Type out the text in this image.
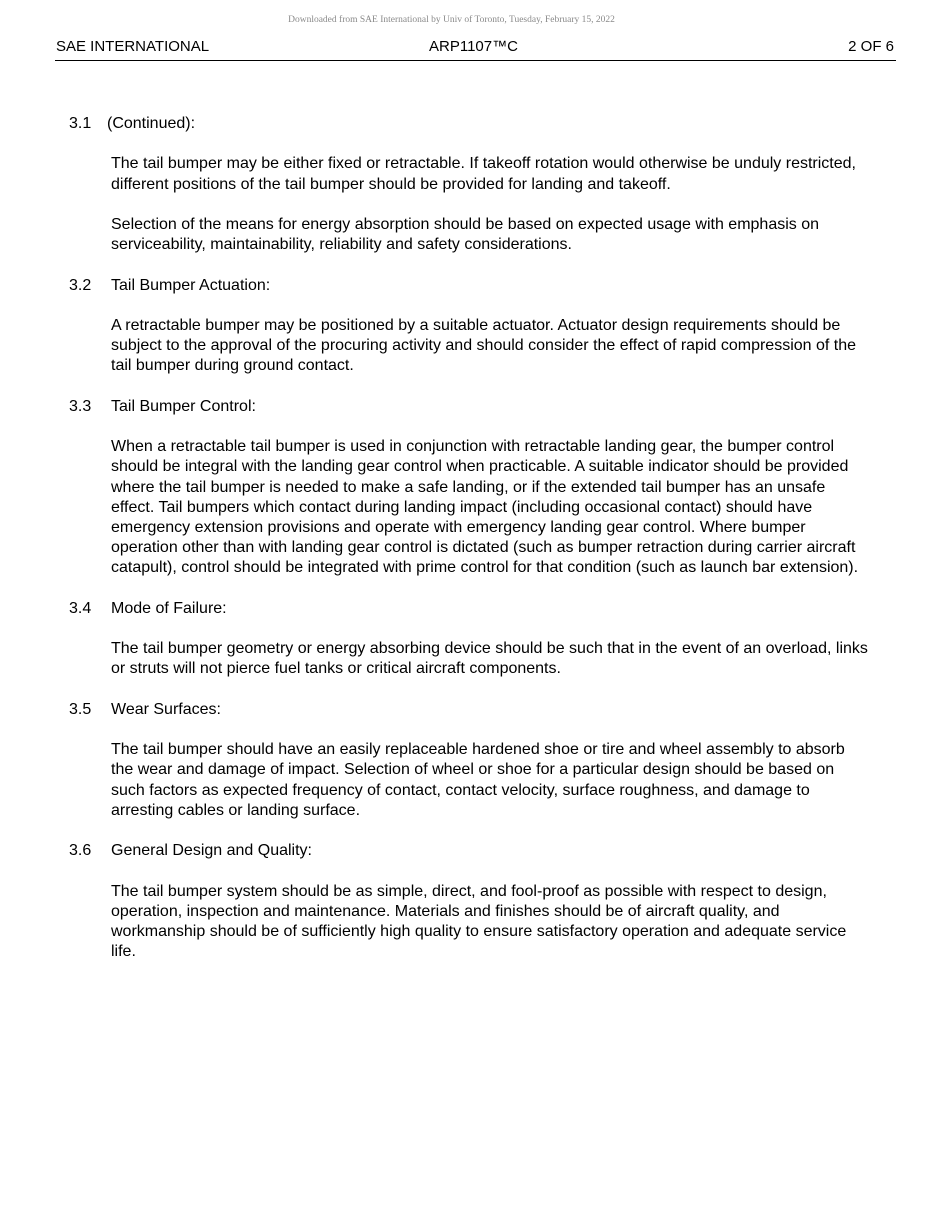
Downloaded from SAE International by Univ of Toronto, Tuesday, February 15, 2022
SAE INTERNATIONAL	ARP1107™C	2 OF 6
3.1 (Continued):

The tail bumper may be either fixed or retractable. If takeoff rotation would otherwise be unduly restricted, different positions of the tail bumper should be provided for landing and takeoff.

Selection of the means for energy absorption should be based on expected usage with emphasis on serviceability, maintainability, reliability and safety considerations.

3.2	Tail Bumper Actuation:

A retractable bumper may be positioned by a suitable actuator. Actuator design requirements should be subject to the approval of the procuring activity and should consider the effect of rapid compression of the tail bumper during ground contact.

3.3	Tail Bumper Control:

When a retractable tail bumper is used in conjunction with retractable landing gear, the bumper control should be integral with the landing gear control when practicable. A suitable indicator should be provided where the tail bumper is needed to make a safe landing, or if the extended tail bumper has an unsafe effect. Tail bumpers which contact during landing impact (including occasional contact) should have emergency extension provisions and operate with emergency landing gear control. Where bumper operation other than with landing gear control is dictated (such as bumper retraction during carrier aircraft catapult), control should be integrated with prime control for that condition (such as launch bar extension).

3.4	Mode of Failure:

The tail bumper geometry or energy absorbing device should be such that in the event of an overload, links or struts will not pierce fuel tanks or critical aircraft components.

3.5	Wear Surfaces:

The tail bumper should have an easily replaceable hardened shoe or tire and wheel assembly to absorb the wear and damage of impact. Selection of wheel or shoe for a particular design should be based on such factors as expected frequency of contact, contact velocity, surface roughness, and damage to arresting cables or landing surface.

3.6	General Design and Quality:

The tail bumper system should be as simple, direct, and fool-proof as possible with respect to design, operation, inspection and maintenance. Materials and finishes should be of aircraft quality, and workmanship should be of sufficiently high quality to ensure satisfactory operation and adequate service life.
